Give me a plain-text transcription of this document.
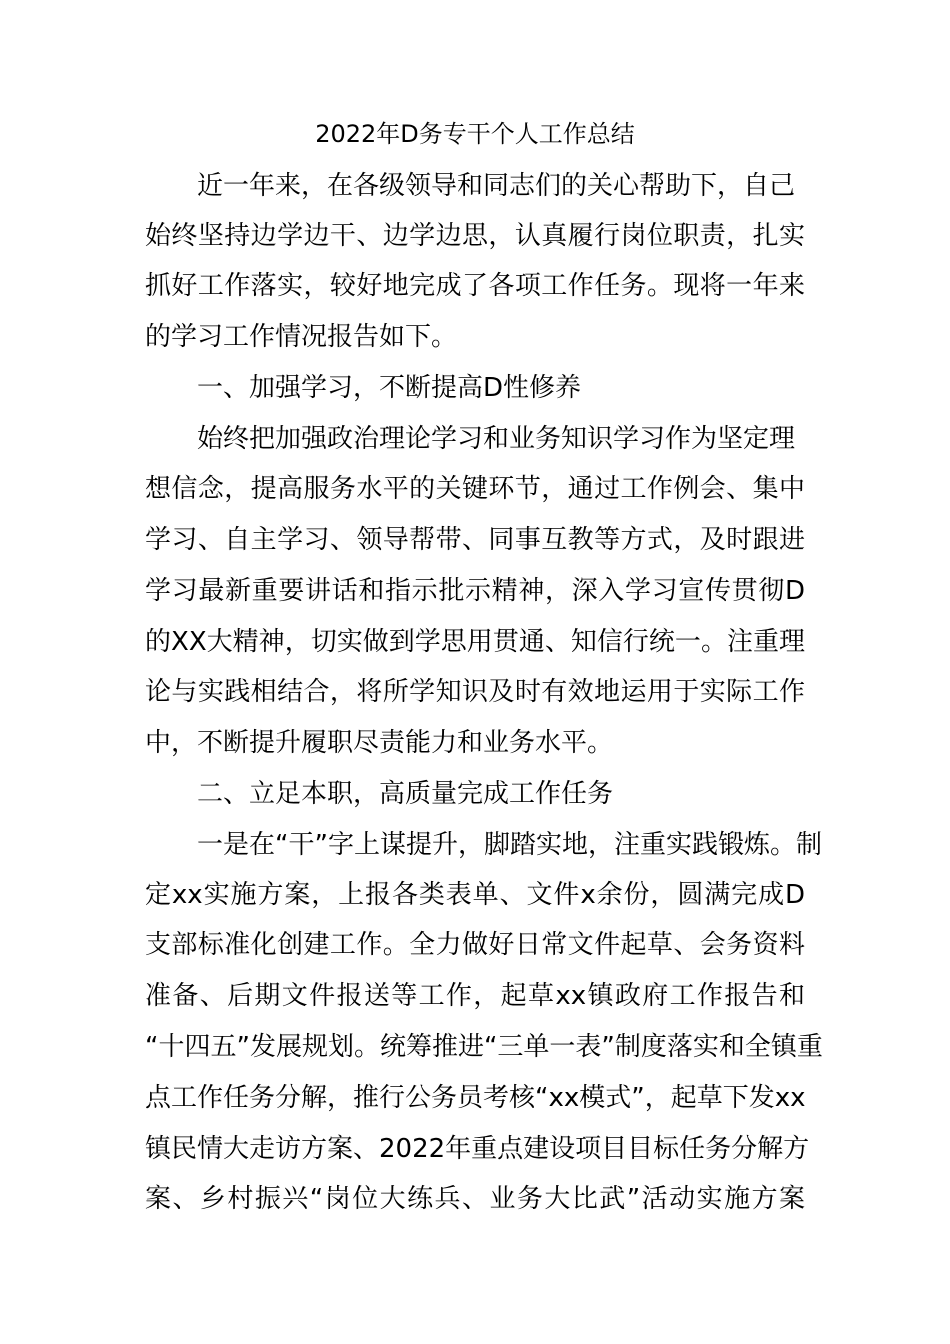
2022年D务专干个人工作总结
近一年来，在各级领导和同志们的关心帮助下，自己
始终坚持边学边干、边学边思，认真履行岗位职责，扎实
抓好工作落实，较好地完成了各项工作任务。现将一年来
的学习工作情况报告如下。
一、加强学习，不断提高D性修养
始终把加强政治理论学习和业务知识学习作为坚定理
想信念，提高服务水平的关键环节，通过工作例会、集中
学习、自主学习、领导帮带、同事互教等方式，及时跟进
学习最新重要讲话和指示批示精神，深入学习宣传贯彻D
的XX大精神，切实做到学思用贯通、知信行统一。注重理
论与实践相结合，将所学知识及时有效地运用于实际工作
中，不断提升履职尽责能力和业务水平。
二、立足本职，高质量完成工作任务
一是在“干”字上谋提升，脚踏实地，注重实践锻炼。制
定xx实施方案，上报各类表单、文件x余份，圆满完成D
支部标准化创建工作。全力做好日常文件起草、会务资料
准备、后期文件报送等工作，起草xx镇政府工作报告和
“十四五”发展规划。统筹推进“三单一表”制度落实和全镇重
点工作任务分解，推行公务员考核“xx模式”，起草下发xx
镇民情大走访方案、2022年重点建设项目目标任务分解方
案、乡村振兴“岗位大练兵、业务大比武”活动实施方案
